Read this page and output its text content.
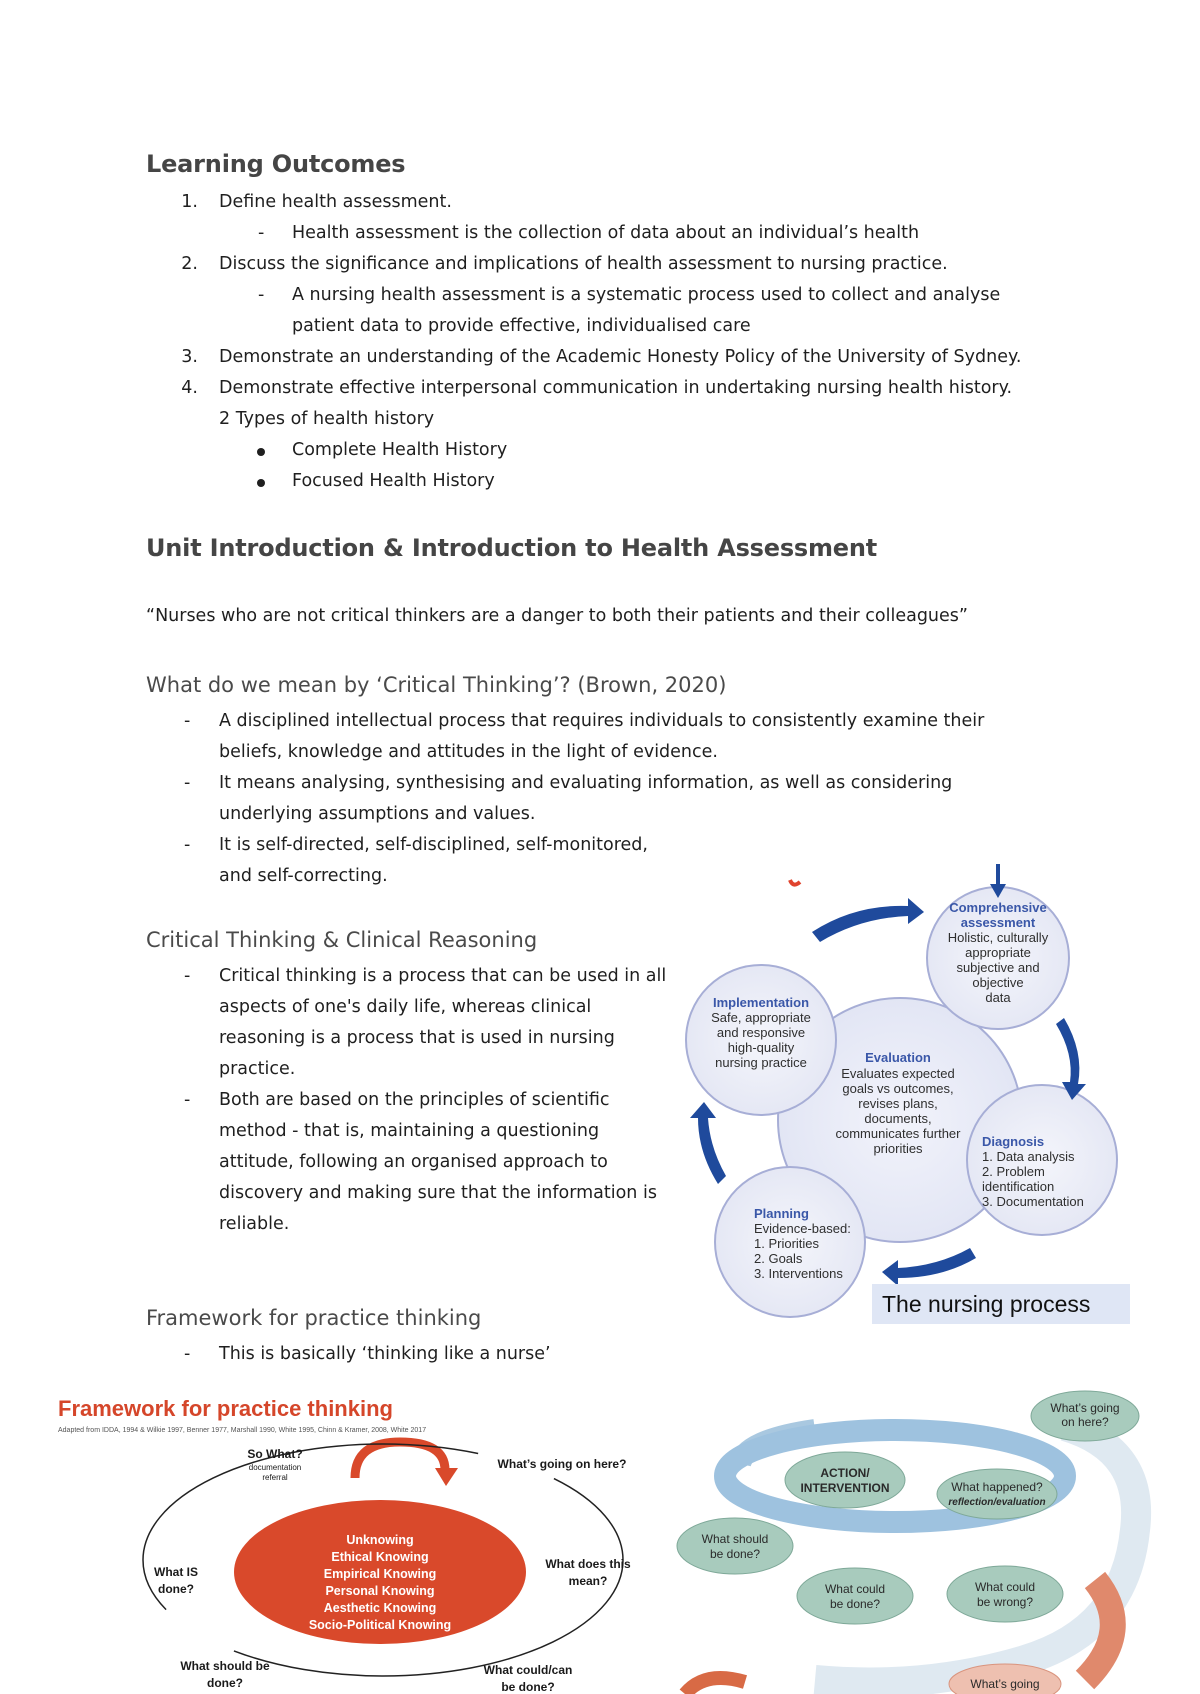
Learning Outcomes
1. Define health assessment.
- Health assessment is the collection of data about an individual’s health
2. Discuss the significance and implications of health assessment to nursing practice.
- A nursing health assessment is a systematic process used to collect and analyse
patient data to provide effective, individualised care
3. Demonstrate an understanding of the Academic Honesty Policy of the University of Sydney.
4. Demonstrate effective interpersonal communication in undertaking nursing health history.
2 Types of health history
Complete Health History
Focused Health History
Unit Introduction & Introduction to Health Assessment
“Nurses who are not critical thinkers are a danger to both their patients and their colleagues”
What do we mean by ‘Critical Thinking’? (Brown, 2020)
- A disciplined intellectual process that requires individuals to consistently examine their
beliefs, knowledge and attitudes in the light of evidence.
- It means analysing, synthesising and evaluating information, as well as considering
underlying assumptions and values.
- It is self-directed, self-disciplined, self-monitored,
and self-correcting.
Critical Thinking & Clinical Reasoning
- Critical thinking is a process that can be used in all
aspects of one's daily life, whereas clinical
reasoning is a process that is used in nursing
practice.
- Both are based on the principles of scientific
method - that is, maintaining a questioning
attitude, following an organised approach to
discovery and making sure that the information is
reliable.
Framework for practice thinking
- This is basically ‘thinking like a nurse’
Evaluation
Evaluates expected
goals vs outcomes,
revises plans,
documents,
communicates further
priorities
Comprehensive
assessment
Holistic, culturally
appropriate
subjective and
objective
data
Implementation
Safe, appropriate
and responsive
high-quality
nursing practice
Diagnosis
1. Data analysis
2. Problem
identification
3. Documentation
Planning
Evidence-based:
1. Priorities
2. Goals
3. Interventions
The nursing process
Framework for practice thinking
Adapted from IDDA, 1994 & Wilkie 1997, Benner 1977, Marshall 1990, White 1995, Chinn & Kramer, 2008, White 2017
So What?
documentation
referral
What’s going on here?
What IS
done?
What does this
mean?
What should be
done?
What could/can
be done?
Unknowing
Ethical Knowing
Empirical Knowing
Personal Knowing
Aesthetic Knowing
Socio-Political Knowing
What’s going
on here?
ACTION/
INTERVENTION	What happened?
reflection/evaluation
What should
be done?
What could
be done?
What could
be wrong?
What’s going
